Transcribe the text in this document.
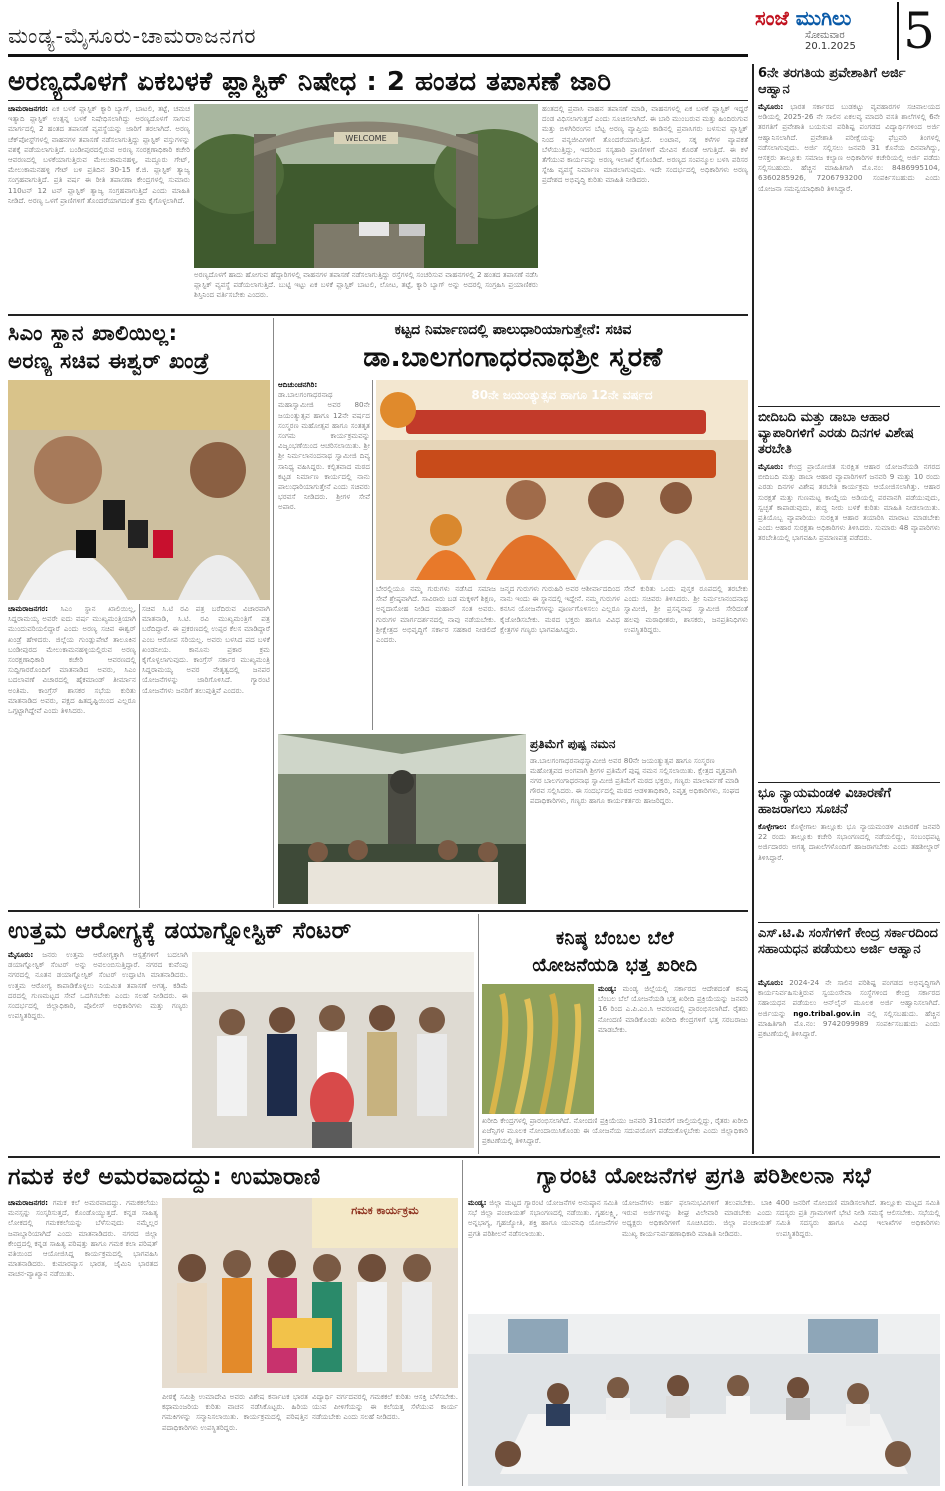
ಮಂಡ್ಯ-ಮೈಸೂರು-ಚಾಮರಾಜನಗರ
ಸಂಜೆ ಮುಗಿಲು
ಸೋಮವಾರ
20.1.2025 5
ಅರಣ್ಯದೊಳಗೆ ಏಕಬಳಕೆ ಪ್ಲಾಸ್ಟಿಕ್ ನಿಷೇಧ : 2 ಹಂತದ ತಪಾಸಣೆ ಜಾರಿ
ಚಾಮರಾಜನಗರ: ಏಕ ಬಳಕೆ ಪ್ಲಾಸ್ಟಿಕ್ ಕ್ಯಾರಿ ಬ್ಯಾಗ್, ಬಾಟಲಿ, ತಟ್ಟೆ, ಚಮಚ ಇತ್ಯಾದಿ ಪ್ಲಾಸ್ಟಿಕ್ ಉತ್ಪನ್ನ ಬಳಕೆ ನಿಷೇಧಿಸಲಾಗಿದ್ದು ಅರಣ್ಯದೊಳಗೆ ಸಾಗುವ ಮಾರ್ಗದಲ್ಲಿ 2 ಹಂತದ ತಪಾಸಣೆ ವ್ಯವಸ್ಥೆಯನ್ನು ಜಾರಿಗೆ ತರಲಾಗಿದೆ. ಅರಣ್ಯ ಚೆಕ್‌ಪೋಸ್ಟ್‌ಗಳಲ್ಲಿ ವಾಹನಗಳ ತಪಾಸಣೆ ನಡೆಸಲಾಗುತ್ತಿದ್ದು ಪ್ಲಾಸ್ಟಿಕ್ ವಸ್ತುಗಳನ್ನು ವಶಕ್ಕೆ ಪಡೆಯಲಾಗುತ್ತಿದೆ. ಬಂಡೀಪುರದಲ್ಲಿರುವ ಅರಣ್ಯ ಸಂರಕ್ಷಣಾಧಿಕಾರಿ ಕಚೇರಿ ಆವರಣದಲ್ಲಿ ಬಳಕೆಯಾಗುತ್ತಿರುವ ಮೇಲುಕಾಮನಹಳ್ಳಿ, ಮದ್ದೂರು ಗೇಟ್, ಮೇಲುಕಾಮನಹಳ್ಳಿ ಗೇಟ್ ಬಳಿ ಪ್ರತಿದಿನ 30-15 ಕೆ.ಜಿ. ಪ್ಲಾಸ್ಟಿಕ್ ತ್ಯಾಜ್ಯ ಸಂಗ್ರಹವಾಗುತ್ತಿದೆ. ಪ್ರತಿ ವರ್ಷ ಈ ರೀತಿ ತಪಾಸಣಾ ಕೇಂದ್ರಗಳಲ್ಲಿ ಸುಮಾರು 110ಟನ್ 12 ಟನ್ ಪ್ಲಾಸ್ಟಿಕ್ ತ್ಯಾಜ್ಯ ಸಂಗ್ರಹವಾಗುತ್ತಿದೆ ಎಂದು ಮಾಹಿತಿ ನೀಡಿದೆ. ಅರಣ್ಯ ಒಳಗೆ ಪ್ರಾಣಿಗಳಿಗೆ ತೊಂದರೆಯಾಗದಂತೆ ಕ್ರಮ ಕೈಗೊಳ್ಳಲಾಗಿದೆ.
WELCOME
ಅರಣ್ಯದೊಳಗೆ ಹಾದು ಹೋಗುವ ಹೆದ್ದಾರಿಗಳಲ್ಲಿ ವಾಹನಗಳ ತಪಾಸಣೆ ನಡೆಸಲಾಗುತ್ತಿದ್ದು ರಸ್ತೆಗಳಲ್ಲಿ ಸಂಚರಿಸುವ ವಾಹನಗಳಲ್ಲಿ 2 ಹಂತದ ತಪಾಸಣೆ ನಡೆಸಿ ಪ್ಲಾಸ್ಟಿಕ್ ವ್ಯವಸ್ಥೆ ಪಡೆಯಲಾಗುತ್ತಿದೆ. ಬುಟ್ಟಿ ಇಟ್ಟು ಏಕ ಬಳಕೆ ಪ್ಲಾಸ್ಟಿಕ್ ಬಾಟಲಿ, ಲೋಟ, ತಟ್ಟೆ, ಕ್ಯಾರಿ ಬ್ಯಾಗ್ ಅನ್ನು ಅದರಲ್ಲಿ ಸಂಗ್ರಹಿಸಿ ಪ್ರಯಾಣಿಕರು ಶಿಸ್ತಿನಿಂದ ವರ್ತಿಸಬೇಕು ಎಂದರು.
ಹಂತದಲ್ಲಿ ಪ್ರವಾಸಿ ವಾಹನ ತಪಾಸಣೆ ಮಾಡಿ, ವಾಹನಗಳಲ್ಲಿ ಏಕ ಬಳಕೆ ಪ್ಲಾಸ್ಟಿಕ್ ಇದ್ದರೆ ದಂಡ ವಿಧಿಸಲಾಗುತ್ತದೆ ಎಂದು ಸೂಚಿಸಲಾಗಿದೆ. ಈ ಬಾರಿ ಮುಂಬರುವ ಮತ್ತು ಹಿಂದಿರುಗುವ ಮತ್ತು ಬಿಳಿಗಿರಿರಂಗನ ಬೆಟ್ಟ ಅರಣ್ಯ ವ್ಯಾಪ್ತಿಯ ಕಾಡಿನಲ್ಲಿ ಪ್ರವಾಸಿಗರು ಬಳಸುವ ಪ್ಲಾಸ್ಟಿಕ್ ನಿಂದ ವನ್ಯಜೀವಿಗಳಿಗೆ ತೊಂದರೆಯಾಗುತ್ತಿದೆ. ಲಂಟಾನ, ಸಕ್ಕ ಕಳೆಗಳ ವ್ಯಾಪಕತೆ ಬೆಳೆಯುತ್ತಿದ್ದು, ಇದರಿಂದ ಸಸ್ಯಹಾರಿ ಪ್ರಾಣಿಗಳಿಗೆ ಮೇವಿನ ಕೊರತೆ ಆಗುತ್ತಿದೆ. ಈ ಕಳೆ ತೆಗೆಯುವ ಕಾರ್ಯವನ್ನು ಅರಣ್ಯ ಇಲಾಖೆ ಕೈಗೊಂಡಿದೆ. ಅರಣ್ಯದ ಸಂಪನ್ಮೂಲ ಬಳಸಿ ಪರಿಸರ ಸ್ನೇಹಿ ವ್ಯವಸ್ಥೆ ನಿರ್ಮಾಣ ಮಾಡಲಾಗುವುದು. ಇದೇ ಸಂದರ್ಭದಲ್ಲಿ ಅಧಿಕಾರಿಗಳು ಅರಣ್ಯ ಪ್ರದೇಶದ ಅಭಿವೃದ್ಧಿ ಕುರಿತು ಮಾಹಿತಿ ನೀಡಿದರು.
ಸಿಎಂ ಸ್ಥಾನ ಖಾಲಿಯಿಲ್ಲ:
ಅರಣ್ಯ ಸಚಿವ ಈಶ್ವರ್ ಖಂಡ್ರೆ
ಚಾಮರಾಜನಗರ: ಸಿಎಂ ಸ್ಥಾನ ಖಾಲಿಯಿಲ್ಲ, ಸಿದ್ದರಾಮಯ್ಯ ಅವರೇ ಐದು ವರ್ಷ ಮುಖ್ಯಮಂತ್ರಿಯಾಗಿ ಮುಂದುವರಿಯಲಿದ್ದಾರೆ ಎಂದು ಅರಣ್ಯ ಸಚಿವ ಈಶ್ವರ್ ಖಂಡ್ರೆ ಹೇಳಿದರು. ಜಿಲ್ಲೆಯ ಗುಂಡ್ಲುಪೇಟೆ ತಾಲೂಕಿನ ಬಂಡೀಪುರದ ಮೇಲುಕಾಮನಹಳ್ಳಿಯಲ್ಲಿರುವ ಅರಣ್ಯ ಸಂರಕ್ಷಣಾಧಿಕಾರಿ ಕಚೇರಿ ಆವರಣದಲ್ಲಿ ಸುದ್ದಿಗಾರರೊಂದಿಗೆ ಮಾತನಾಡಿದ ಅವರು, ಸಿಎಂ ಬದಲಾವಣೆ ವಿಚಾರದಲ್ಲಿ ಹೈಕಮಾಂಡ್ ತೀರ್ಮಾನ ಅಂತಿಮ. ಕಾಂಗ್ರೆಸ್ ಶಾಸಕರ ಸಭೆಯ ಕುರಿತು ಮಾತನಾಡಿದ ಅವರು, ಪಕ್ಷದ ಹಿತದೃಷ್ಟಿಯಿಂದ ಎಲ್ಲರೂ ಒಗ್ಗಟ್ಟಾಗಿದ್ದೇವೆ ಎಂದು ತಿಳಿಸಿದರು.
ಸಚಿವ ಸಿ.ಟಿ ರವಿ ಪತ್ರ ಬರೆದಿರುವ ವಿಚಾರವಾಗಿ ಮಾತನಾಡಿ, ಸಿ.ಟಿ. ರವಿ ಮುಖ್ಯಮಂತ್ರಿಗೆ ಪತ್ರ ಬರೆದಿದ್ದಾರೆ. ಈ ಪ್ರಕರಣದಲ್ಲಿ ಉಪ್ಪರ ಕೆಲಸ ಮಾಡಿದ್ದಾರೆ ಎಂಬ ಆರೋಪ ಸರಿಯಲ್ಲ. ಅವರು ಬಳಸಿದ ಪದ ಬಳಕೆ ಖಂಡನೀಯ. ಕಾನೂನು ಪ್ರಕಾರ ಕ್ರಮ ಕೈಗೊಳ್ಳಲಾಗುವುದು. ಕಾಂಗ್ರೆಸ್ ಸರ್ಕಾರ ಮುಖ್ಯಮಂತ್ರಿ ಸಿದ್ದರಾಮಯ್ಯ ಅವರ ನೇತೃತ್ವದಲ್ಲಿ ಜನಪರ ಯೋಜನೆಗಳನ್ನು ಜಾರಿಗೊಳಿಸಿದೆ. ಗ್ಯಾರಂಟಿ ಯೋಜನೆಗಳು ಜನರಿಗೆ ತಲುಪುತ್ತಿವೆ ಎಂದರು.
ಕಟ್ಟದ ನಿರ್ಮಾಣದಲ್ಲಿ ಪಾಲುಧಾರಿಯಾಗುತ್ತೇನೆ: ಸಚಿವ
ಡಾ.ಬಾಲಗಂಗಾಧರನಾಥಶ್ರೀ ಸ್ಮರಣೆ
ಆದಿಚುಂಚನಗಿರಿ: ಡಾ.ಬಾಲಗಂಗಾಧರನಾಥ ಮಹಾಸ್ವಾಮೀಜಿ ಅವರ 80ನೇ ಜಯಂತ್ಯುತ್ಸವ ಹಾಗೂ 12ನೇ ವರ್ಷದ ಸಂಸ್ಮರಣ ಮಹೋತ್ಸವ ಹಾಗೂ ಸಂತತೃತ ಸಂಗಮ ಕಾರ್ಯಕ್ರಮವನ್ನು ವಿಜೃಂಭಣೆಯಿಂದ ಆಚರಿಸಲಾಯಿತು. ಶ್ರೀ ಶ್ರೀ ನಿರ್ಮಲಾನಂದನಾಥ ಸ್ವಾಮೀಜಿ ದಿವ್ಯ ಸಾನಿಧ್ಯ ವಹಿಸಿದ್ದರು. ಕಲ್ಪಿತವಾದ ಮಠದ ಕಟ್ಟಡ ನಿರ್ಮಾಣ ಕಾರ್ಯದಲ್ಲಿ ನಾನು ಪಾಲುಧಾರಿಯಾಗುತ್ತೇನೆ ಎಂದು ಸಚಿವರು ಭರವಸೆ ನೀಡಿದರು. ಶ್ರೀಗಳ ಸೇವೆ ಅಪಾರ.
80ನೇ ಜಯಂತ್ಯುತ್ಸವ ಹಾಗೂ 12ನೇ ವರ್ಷದ
ಬೇರಲ್ಲಿಯೂ ನಮ್ಮ ಗುರುಗಳು ನಡೆಸಿದ ಸಮಾಜ ಸೇವೆ ಶ್ರೇಷ್ಠವಾಗಿದೆ. ಸಾವಿರಾರು ಬಡ ಮಕ್ಕಳಿಗೆ ಶಿಕ್ಷಣ, ಅನ್ನದಾಸೋಹ ನೀಡಿದ ಮಹಾನ್ ಸಂತ ಅವರು. ಗುರುಗಳ ಮಾರ್ಗದರ್ಶನದಲ್ಲಿ ನಾವು ನಡೆಯಬೇಕು. ಶ್ರೀಕ್ಷೇತ್ರದ ಅಭಿವೃದ್ಧಿಗೆ ಸರ್ಕಾರ ಸಹಕಾರ ನೀಡಲಿದೆ ಎಂದರು.
ಜನ್ಮದ ಗುರುಗಳು ಗುರುಹಿರಿ ಅವರ ಆಶೀರ್ವಾದದಿಂದ ನಾನು ಇಂದು ಈ ಸ್ಥಾನದಲ್ಲಿ ಇದ್ದೇನೆ. ನಮ್ಮ ಗುರುಗಳ ಕನಸಿನ ಯೋಜನೆಗಳನ್ನು ಪೂರ್ಣಗೊಳಿಸಲು ಎಲ್ಲರೂ ಕೈಜೋಡಿಸಬೇಕು. ಮಠದ ಭಕ್ತರು ಹಾಗೂ ವಿವಿಧ ಕ್ಷೇತ್ರಗಳ ಗಣ್ಯರು ಭಾಗವಹಿಸಿದ್ದರು.
ಸೇವೆ ಕುರಿತು ಒಂದು ಪುಸ್ತಕ ರೂಪದಲ್ಲಿ ತರಬೇಕು ಎಂದು ಸಚಿವರು ತಿಳಿಸಿದರು. ಶ್ರೀ ನಿರ್ಮಲಾನಂದನಾಥ ಸ್ವಾಮೀಜಿ, ಶ್ರೀ ಪ್ರಸನ್ನನಾಥ ಸ್ವಾಮೀಜಿ ಸೇರಿದಂತೆ ಹಲವು ಮಠಾಧೀಶರು, ಶಾಸಕರು, ಜನಪ್ರತಿನಿಧಿಗಳು ಉಪಸ್ಥಿತರಿದ್ದರು.
ಪ್ರತಿಮೆಗೆ ಪುಷ್ಪ ನಮನ
ಡಾ.ಬಾಲಗಂಗಾಧರನಾಥಸ್ವಾಮೀಜಿ ಅವರ 80ನೇ ಜಯಂತ್ಯುತ್ಸವ ಹಾಗೂ ಸಂಸ್ಮರಣ ಮಹೋತ್ಸವದ ಅಂಗವಾಗಿ ಶ್ರೀಗಳ ಪ್ರತಿಮೆಗೆ ಪುಷ್ಪ ನಮನ ಸಲ್ಲಿಸಲಾಯಿತು. ಕ್ಷೇತ್ರದ ವೃತ್ತವಾಗಿ ನಗರ ಬಾಲಗಂಗಾಧರನಾಥ ಸ್ವಾಮೀಜಿ ಪ್ರತಿಮೆಗೆ ಮಠದ ಭಕ್ತರು, ಗಣ್ಯರು ಮಾಲಾರ್ಪಣೆ ಮಾಡಿ ಗೌರವ ಸಲ್ಲಿಸಿದರು. ಈ ಸಂದರ್ಭದಲ್ಲಿ ಮಠದ ಆಡಳಿತಾಧಿಕಾರಿ, ನಿವೃತ್ತ ಅಧಿಕಾರಿಗಳು, ಸಂಘದ ಪದಾಧಿಕಾರಿಗಳು, ಗಣ್ಯರು ಹಾಗೂ ಕಾರ್ಯಕರ್ತರು ಹಾಜರಿದ್ದರು.
ಉತ್ತಮ ಆರೋಗ್ಯಕ್ಕೆ ಡಯಾಗ್ನೋಸ್ಟಿಕ್ ಸೆಂಟರ್
ಮೈಸೂರು: ಜನರು ಉತ್ತಮ ಆರೋಗ್ಯಕ್ಕಾಗಿ ಆಸ್ಪತ್ರೆಗಳಿಗೆ ಬದಲಾಗಿ ಡಯಾಗ್ನೋಸ್ಟಿಕ್ ಸೆಂಟರ್ ಅನ್ನು ಅವಲಂಬಿಸುತ್ತಿದ್ದಾರೆ. ನಗರದ ಕುವೆಂಪು ನಗರದಲ್ಲಿ ನೂತನ ಡಯಾಗ್ನೋಸ್ಟಿಕ್ ಸೆಂಟರ್ ಉದ್ಘಾಟಿಸಿ ಮಾತನಾಡಿದರು. ಉತ್ತಮ ಆರೋಗ್ಯ ಕಾಪಾಡಿಕೊಳ್ಳಲು ನಿಯಮಿತ ತಪಾಸಣೆ ಅಗತ್ಯ. ಕಡಿಮೆ ದರದಲ್ಲಿ ಗುಣಮಟ್ಟದ ಸೇವೆ ಒದಗಿಸಬೇಕು ಎಂದು ಸಲಹೆ ನೀಡಿದರು. ಈ ಸಂದರ್ಭದಲ್ಲಿ ಜಿಲ್ಲಾಧಿಕಾರಿ, ಪೊಲೀಸ್ ಅಧಿಕಾರಿಗಳು ಮತ್ತು ಗಣ್ಯರು ಉಪಸ್ಥಿತರಿದ್ದರು.
ಕನಿಷ್ಠ ಬೆಂಬಲ ಬೆಲೆ
ಯೋಜನೆಯಡಿ ಭತ್ತ ಖರೀದಿ
ಮಂಡ್ಯ: ಮಂಡ್ಯ ಜಿಲ್ಲೆಯಲ್ಲಿ ಸರ್ಕಾರದ ಆದೇಶದಂತೆ ಕನಿಷ್ಠ ಬೆಂಬಲ ಬೆಲೆ ಯೋಜನೆಯಡಿ ಭತ್ತ ಖರೀದಿ ಪ್ರಕ್ರಿಯೆಯನ್ನು ಜನವರಿ 16 ರಿಂದ ಎ.ಪಿ.ಎಂ.ಸಿ ಆವರಣದಲ್ಲಿ ಪ್ರಾರಂಭಿಸಲಾಗಿದೆ. ರೈತರು ನೋಂದಣಿ ಮಾಡಿಕೊಂಡು ಖರೀದಿ ಕೇಂದ್ರಗಳಿಗೆ ಭತ್ತ ಸರಬರಾಜು ಮಾಡಬೇಕು.
ಖರೀದಿ ಕೇಂದ್ರಗಳಲ್ಲಿ ಪ್ರಾರಂಭಿಸಲಾಗಿದೆ. ನೋಂದಣಿ ಪ್ರಕ್ರಿಯೆಯು ಜನವರಿ 31ರವರೆಗೆ ಚಾಲ್ತಿಯಲ್ಲಿದ್ದು, ರೈತರು ಖರೀದಿ ಏಜೆನ್ಸಿಗಳ ಮೂಲಕ ನೋಂದಾಯಿಸಿಕೊಂಡು ಈ ಯೋಜನೆಯ ಸದುಪಯೋಗ ಪಡೆದುಕೊಳ್ಳಬೇಕು ಎಂದು ಜಿಲ್ಲಾಧಿಕಾರಿ ಪ್ರಕಟಣೆಯಲ್ಲಿ ತಿಳಿಸಿದ್ದಾರೆ.
6ನೇ ತರಗತಿಯ ಪ್ರವೇಶಾತಿಗೆ ಅರ್ಜಿ ಆಹ್ವಾನ
ಮೈಸೂರು: ಭಾರತ ಸರ್ಕಾರದ ಬುಡಕಟ್ಟು ವ್ಯವಹಾರಗಳ ಸಚಿವಾಲಯದ ಅಡಿಯಲ್ಲಿ 2025-26 ನೇ ಸಾಲಿನ ಏಕಲವ್ಯ ಮಾದರಿ ವಸತಿ ಶಾಲೆಗಳಲ್ಲಿ 6ನೇ ತರಗತಿಗೆ ಪ್ರವೇಶಾತಿ ಬಯಸುವ ಪರಿಶಿಷ್ಟ ಪಂಗಡದ ವಿದ್ಯಾರ್ಥಿಗಳಿಂದ ಅರ್ಜಿ ಆಹ್ವಾನಿಸಲಾಗಿದೆ. ಪ್ರವೇಶಾತಿ ಪರೀಕ್ಷೆಯನ್ನು ಫೆಬ್ರವರಿ ತಿಂಗಳಲ್ಲಿ ನಡೆಸಲಾಗುವುದು. ಅರ್ಜಿ ಸಲ್ಲಿಸಲು ಜನವರಿ 31 ಕೊನೆಯ ದಿನವಾಗಿದ್ದು, ಆಸಕ್ತರು ತಾಲ್ಲೂಕು ಸಮಾಜ ಕಲ್ಯಾಣ ಅಧಿಕಾರಿಗಳ ಕಚೇರಿಯಲ್ಲಿ ಅರ್ಜಿ ಪಡೆದು ಸಲ್ಲಿಸಬಹುದು. ಹೆಚ್ಚಿನ ಮಾಹಿತಿಗಾಗಿ ಮೊ.ನಂ: 8486995104, 6360285926, 7206793200 ಸಂಪರ್ಕಿಸಬಹುದು ಎಂದು ಯೋಜನಾ ಸಮನ್ವಯಾಧಿಕಾರಿ ತಿಳಿಸಿದ್ದಾರೆ.
ಬೀದಿಬದಿ ಮತ್ತು ಡಾಬಾ ಆಹಾರ ವ್ಯಾಪಾರಿಗಳಿಗೆ ಎರಡು ದಿನಗಳ ವಿಶೇಷ ತರಬೇತಿ
ಮೈಸೂರು: ಕೇಂದ್ರ ಪ್ರಾಯೋಜಿತ ಸುರಕ್ಷಿತ ಆಹಾರ ಯೋಜನೆಯಡಿ ನಗರದ ಬೀದಿಬದಿ ಮತ್ತು ಡಾಬಾ ಆಹಾರ ವ್ಯಾಪಾರಿಗಳಿಗೆ ಜನವರಿ 9 ಮತ್ತು 10 ರಂದು ಎರಡು ದಿನಗಳ ವಿಶೇಷ ತರಬೇತಿ ಕಾರ್ಯಕ್ರಮ ಆಯೋಜಿಸಲಾಗಿತ್ತು. ಆಹಾರ ಸುರಕ್ಷತೆ ಮತ್ತು ಗುಣಮಟ್ಟ ಕಾಯ್ದೆಯ ಅಡಿಯಲ್ಲಿ ಪರವಾನಗಿ ಪಡೆಯುವುದು, ಸ್ವಚ್ಛತೆ ಕಾಪಾಡುವುದು, ಶುದ್ಧ ನೀರು ಬಳಕೆ ಕುರಿತು ಮಾಹಿತಿ ನೀಡಲಾಯಿತು. ಪ್ರತಿಯೊಬ್ಬ ವ್ಯಾಪಾರಿಯು ಸುರಕ್ಷಿತ ಆಹಾರ ತಯಾರಿಸಿ ಮಾರಾಟ ಮಾಡಬೇಕು ಎಂದು ಆಹಾರ ಸುರಕ್ಷತಾ ಅಧಿಕಾರಿಗಳು ತಿಳಿಸಿದರು. ಸುಮಾರು 48 ವ್ಯಾಪಾರಿಗಳು ತರಬೇತಿಯಲ್ಲಿ ಭಾಗವಹಿಸಿ ಪ್ರಮಾಣಪತ್ರ ಪಡೆದರು.
ಭೂ ನ್ಯಾಯಮಂಡಳಿ ವಿಚಾರಣೆಗೆ ಹಾಜರಾಗಲು ಸೂಚನೆ
ಕೊಳ್ಳೇಗಾಲ: ಕೊಳ್ಳೇಗಾಲ ತಾಲ್ಲೂಕು ಭೂ ನ್ಯಾಯಮಂಡಳಿ ವಿಚಾರಣೆ ಜನವರಿ 22 ರಂದು ತಾಲ್ಲೂಕು ಕಚೇರಿ ಸಭಾಂಗಣದಲ್ಲಿ ನಡೆಯಲಿದ್ದು, ಸಂಬಂಧಪಟ್ಟ ಅರ್ಜಿದಾರರು ಅಗತ್ಯ ದಾಖಲೆಗಳೊಂದಿಗೆ ಹಾಜರಾಗಬೇಕು ಎಂದು ತಹಶೀಲ್ದಾರ್ ತಿಳಿಸಿದ್ದಾರೆ.
ಎಸ್.ಟಿ.ಪಿ ಸಂಸೆಗಳಿಗೆ ಕೇಂದ್ರ ಸರ್ಕಾರದಿಂದ ಸಹಾಯಧನ ಪಡೆಯಲು ಅರ್ಜಿ ಆಹ್ವಾನ
ಮೈಸೂರು: 2024-24 ನೇ ಸಾಲಿನ ಪರಿಶಿಷ್ಟ ಪಂಗಡದ ಅಭಿವೃದ್ಧಿಗಾಗಿ ಕಾರ್ಯನಿರ್ವಹಿಸುತ್ತಿರುವ ಸ್ವಯಂಸೇವಾ ಸಂಸ್ಥೆಗಳಿಂದ ಕೇಂದ್ರ ಸರ್ಕಾರದ ಸಹಾಯಧನ ಪಡೆಯಲು ಆನ್‌ಲೈನ್ ಮೂಲಕ ಅರ್ಜಿ ಆಹ್ವಾನಿಸಲಾಗಿದೆ. ಅರ್ಜಿಯನ್ನು ngo.tribal.gov.in ನಲ್ಲಿ ಸಲ್ಲಿಸಬಹುದು. ಹೆಚ್ಚಿನ ಮಾಹಿತಿಗಾಗಿ ಮೊ.ನಂ: 9742099989 ಸಂಪರ್ಕಿಸಬಹುದು ಎಂದು ಪ್ರಕಟಣೆಯಲ್ಲಿ ತಿಳಿಸಿದ್ದಾರೆ.
ಗಮಕ ಕಲೆ ಅಮರವಾದದ್ದು: ಉಮಾರಾಣಿ
ಚಾಮರಾಜನಗರ: ಗಮಕ ಕಲೆ ಅಮರವಾದದ್ದು. ಗಮಕಕಲೆಯು ಮನಸ್ಸನ್ನು ಸಂಸ್ಕರಿಸುತ್ತದೆ, ಕೊಂಡೊಯ್ಯುತ್ತದೆ. ಕನ್ನಡ ಸಾಹಿತ್ಯ ಲೋಕದಲ್ಲಿ ಗಮಕಕಲೆಯನ್ನು ಬೆಳೆಸುವುದು ನಮ್ಮೆಲ್ಲರ ಜವಾಬ್ದಾರಿಯಾಗಿದೆ ಎಂದು ಮಾತನಾಡಿದರು. ನಗರದ ಜಿಲ್ಲಾ ಕೇಂದ್ರದಲ್ಲಿ ಕನ್ನಡ ಸಾಹಿತ್ಯ ಪರಿಷತ್ತು ಹಾಗೂ ಗಮಕ ಕಲಾ ಪರಿಷತ್ ವತಿಯಿಂದ ಆಯೋಜಿಸಿದ್ದ ಕಾರ್ಯಕ್ರಮದಲ್ಲಿ ಭಾಗವಹಿಸಿ ಮಾತನಾಡಿದರು. ಕುಮಾರವ್ಯಾಸ ಭಾರತ, ಜೈಮಿನಿ ಭಾರತದ ವಾಚನ-ವ್ಯಾಖ್ಯಾನ ನಡೆಯಿತು.
ಗಮಕ ಕಾರ್ಯಕ್ರಮ
ಪೀಠಕ್ಕೆ ಸಮಿಶ್ರಿ ಉಮಾದೇವಿ ಅವರು ವಿಶೇಷ ಕರ್ನಾಟಕ ಭಾರತ ಕಥಾಮಂಜರಿಯ ಕುರಿತು ವಾಚನ ನಡೆಸಿಕೊಟ್ಟರು. ಹಿರಿಯ ಗಮಕಿಗಳನ್ನು ಸನ್ಮಾನಿಸಲಾಯಿತು. ಕಾರ್ಯಕ್ರಮದಲ್ಲಿ ಪರಿಷತ್ತಿನ ಪದಾಧಿಕಾರಿಗಳು ಉಪಸ್ಥಿತರಿದ್ದರು.
ವಿದ್ಯಾರ್ಥಿ ವರ್ಗದವರಲ್ಲಿ ಗಮಕಕಲೆ ಕುರಿತು ಆಸಕ್ತಿ ಬೆಳೆಸಬೇಕು. ಯುವ ಪೀಳಿಗೆಯನ್ನು ಈ ಕಲೆಯತ್ತ ಸೆಳೆಯುವ ಕಾರ್ಯ ನಡೆಯಬೇಕು ಎಂದು ಸಲಹೆ ನೀಡಿದರು.
ಗ್ಯಾರಂಟಿ ಯೋಜನೆಗಳ ಪ್ರಗತಿ ಪರಿಶೀಲನಾ ಸಭೆ
ಮಂಡ್ಯ: ಜಿಲ್ಲಾ ಮಟ್ಟದ ಗ್ಯಾರಂಟಿ ಯೋಜನೆಗಳ ಅನುಷ್ಠಾನ ಸಮಿತಿ ಸಭೆ ಜಿಲ್ಲಾ ಪಂಚಾಯತ್ ಸಭಾಂಗಣದಲ್ಲಿ ನಡೆಯಿತು. ಗೃಹಲಕ್ಷ್ಮಿ, ಅನ್ನಭಾಗ್ಯ, ಗೃಹಜ್ಯೋತಿ, ಶಕ್ತಿ ಹಾಗೂ ಯುವನಿಧಿ ಯೋಜನೆಗಳ ಪ್ರಗತಿ ಪರಿಶೀಲನೆ ನಡೆಸಲಾಯಿತು.
ಯೋಜನೆಗಳು ಅರ್ಹ ಫಲಾನುಭವಿಗಳಿಗೆ ತಲುಪಬೇಕು. ಬಾಕಿ ಇರುವ ಅರ್ಜಿಗಳನ್ನು ಶೀಘ್ರ ವಿಲೇವಾರಿ ಮಾಡಬೇಕು ಎಂದು ಅಧ್ಯಕ್ಷರು ಅಧಿಕಾರಿಗಳಿಗೆ ಸೂಚಿಸಿದರು. ಜಿಲ್ಲಾ ಪಂಚಾಯತ್ ಮುಖ್ಯ ಕಾರ್ಯನಿರ್ವಹಣಾಧಿಕಾರಿ ಮಾಹಿತಿ ನೀಡಿದರು.
400 ಜನರಿಗೆ ನೋಂದಣಿ ಮಾಡಿಸಲಾಗಿದೆ. ತಾಲ್ಲೂಕು ಮಟ್ಟದ ಸಮಿತಿ ಸದಸ್ಯರು ಪ್ರತಿ ಗ್ರಾಮಗಳಿಗೆ ಭೇಟಿ ನೀಡಿ ಸಮಸ್ಯೆ ಆಲಿಸಬೇಕು. ಸಭೆಯಲ್ಲಿ ಸಮಿತಿ ಸದಸ್ಯರು ಹಾಗೂ ವಿವಿಧ ಇಲಾಖೆಗಳ ಅಧಿಕಾರಿಗಳು ಉಪಸ್ಥಿತರಿದ್ದರು.
